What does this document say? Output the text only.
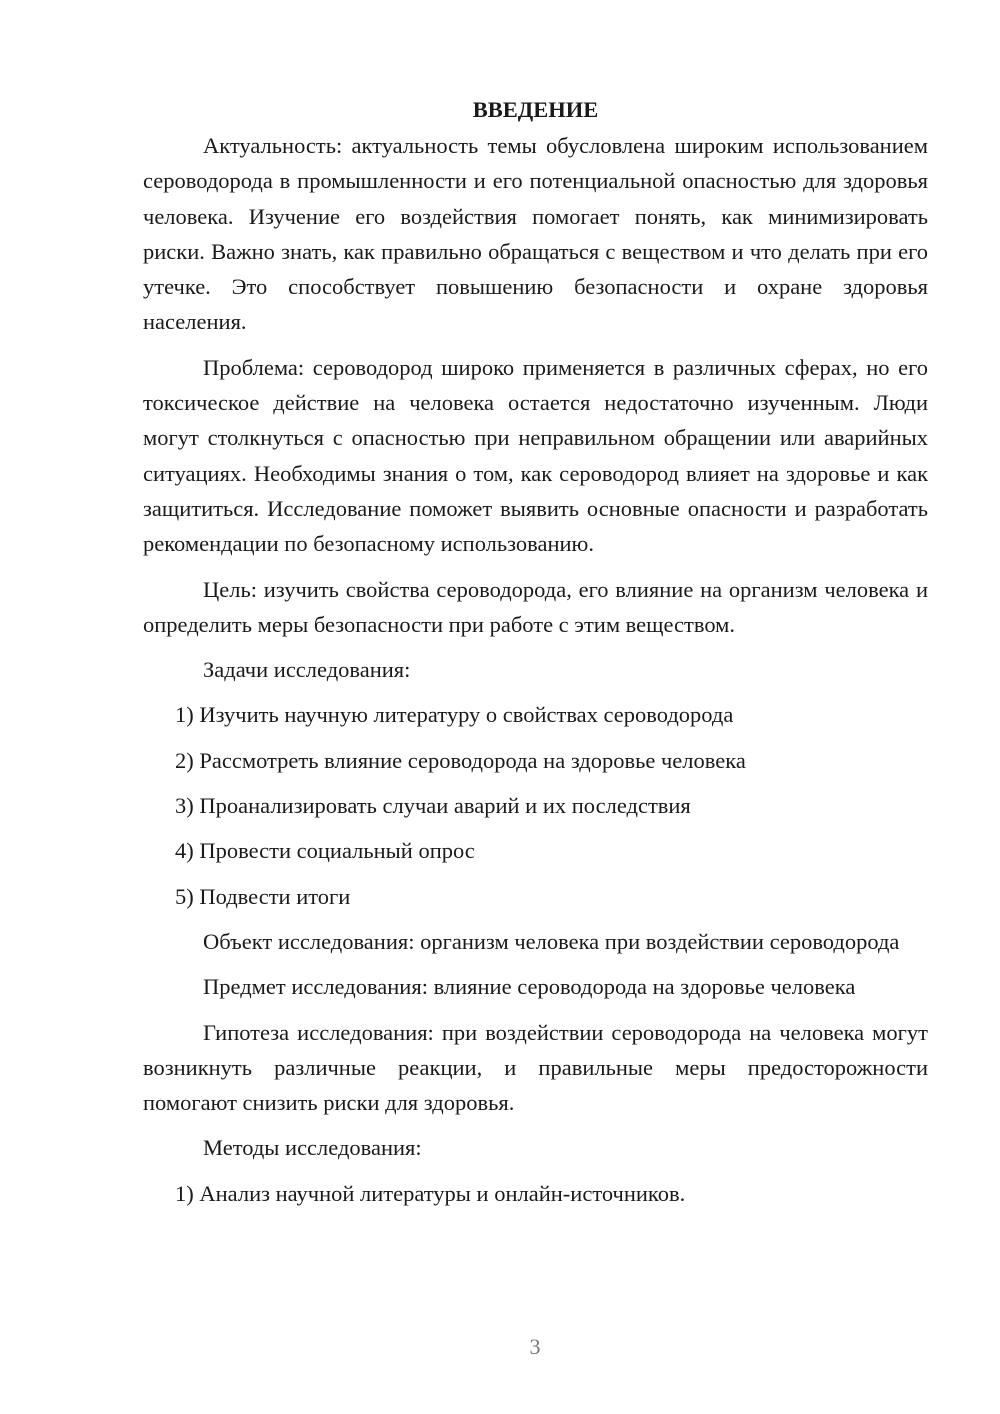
ВВЕДЕНИЕ

Актуальность: актуальность темы обусловлена широким использованием сероводорода в промышленности и его потенциальной опасностью для здоровья человека. Изучение его воздействия помогает понять, как минимизировать риски. Важно знать, как правильно обращаться с веществом и что делать при его утечке. Это способствует повышению безопасности и охране здоровья населения.

Проблема: сероводород широко применяется в различных сферах, но его токсическое действие на человека остается недостаточно изученным. Люди могут столкнуться с опасностью при неправильном обращении или аварийных ситуациях. Необходимы знания о том, как сероводород влияет на здоровье и как защититься. Исследование поможет выявить основные опасности и разработать рекомендации по безопасному использованию.

Цель: изучить свойства сероводорода, его влияние на организм человека и определить меры безопасности при работе с этим веществом.

Задачи исследования:

1) Изучить научную литературу о свойствах сероводорода
2) Рассмотреть влияние сероводорода на здоровье человека
3) Проанализировать случаи аварий и их последствия
4) Провести социальный опрос
5) Подвести итоги

Объект исследования: организм человека при воздействии сероводорода

Предмет исследования: влияние сероводорода на здоровье человека

Гипотеза исследования: при воздействии сероводорода на человека могут возникнуть различные реакции, и правильные меры предосторожности помогают снизить риски для здоровья.

Методы исследования:

1) Анализ научной литературы и онлайн-источников.
3
